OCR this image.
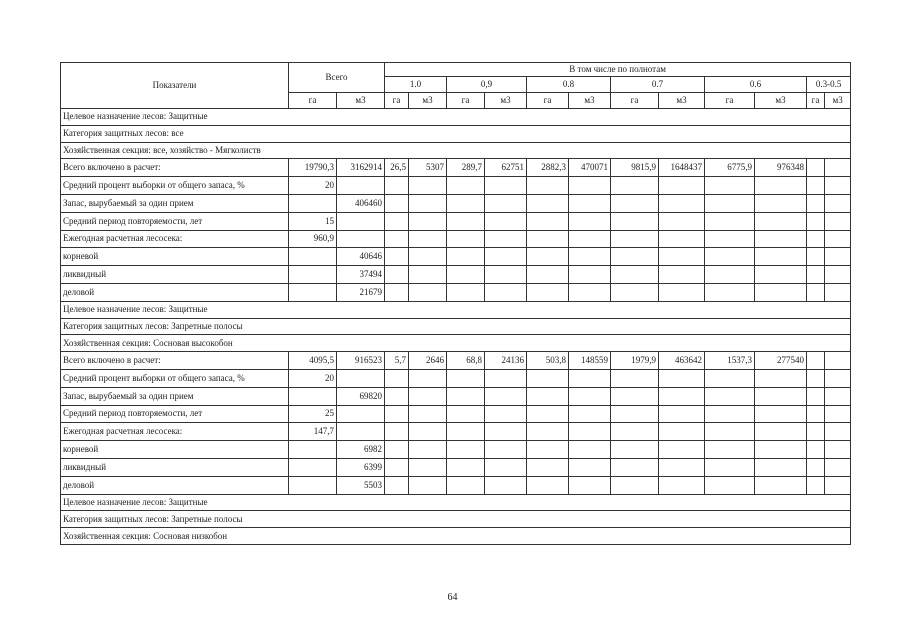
Показатели	Всего		В том числе по полнотам											
			1.0		0,9		0.8		0.7		0.6		0.3-0.5	
	га	м3	га	м3	га	м3	га	м3	га	м3	га	м3	га	м3
Целевое назначение лесов: Защитные														
Категория защитных лесов: все														
Хозяйственная секция: все, хозяйство - Мягколиств														
Всего включено в расчет:	19790,3	3162914	26,5	5307	289,7	62751	2882,3	470071	9815,9	1648437	6775,9	976348		
Средний процент выборки от общего запаса, %	20													
Запас, вырубаемый за один прием		406460												
Средний период повторяемости, лет	15													
Ежегодная расчетная лесосека:	960,9													
корневой		40646												
ликвидный		37494												
деловой		21679												
Целевое назначение лесов: Защитные														
Категория защитных лесов: Запретные полосы														
Хозяйственная секция: Сосновая высокобон														
Всего включено в расчет:	4095,5	916523	5,7	2646	68,8	24136	503,8	148559	1979,9	463642	1537,3	277540		
Средний процент выборки от общего запаса, %	20													
Запас, вырубаемый за один прием		69820												
Средний период повторяемости, лет	25													
Ежегодная расчетная лесосека:	147,7													
корневой		6982												
ликвидный		6399												
деловой		5503												
Целевое назначение лесов: Защитные														
Категория защитных лесов: Запретные полосы														
Хозяйственная секция: Сосновая низкобон														
64
